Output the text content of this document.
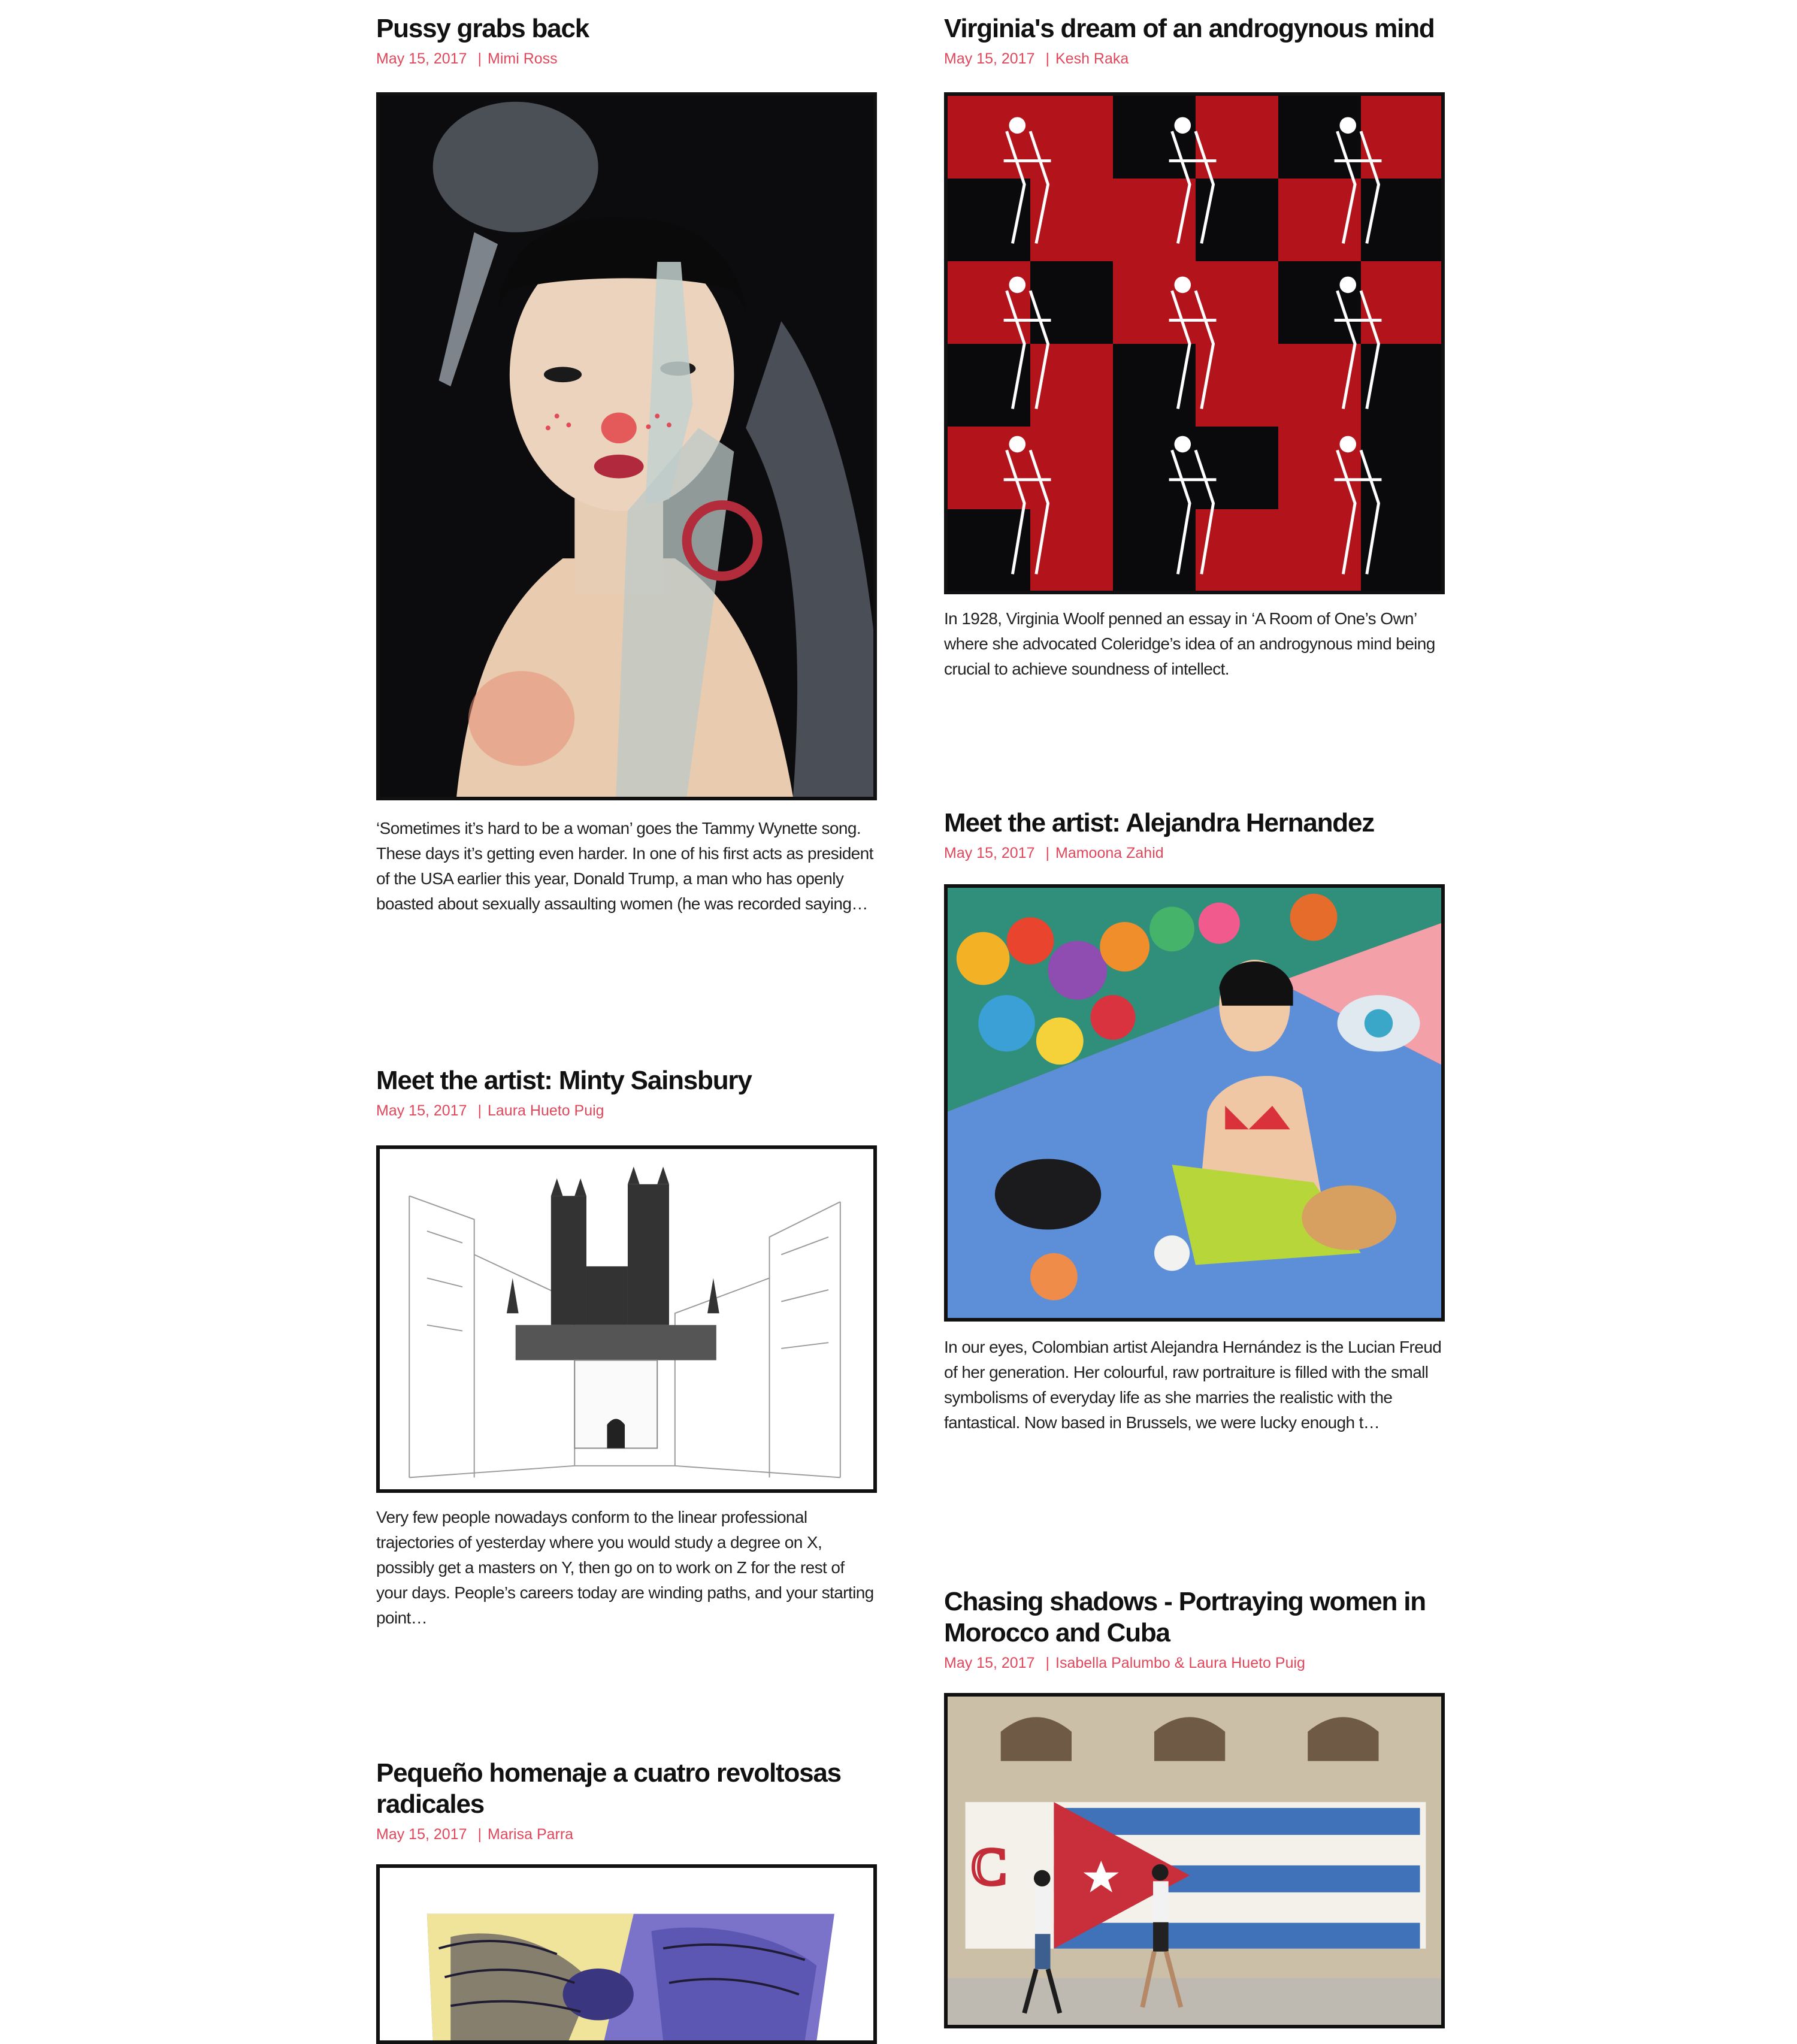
Pussy grabs back
May 15, 2017 | Mimi Ross

‘Sometimes it’s hard to be a woman’ goes the Tammy Wynette song. These days it’s getting even harder. In one of his first acts as president of the USA earlier this year, Donald Trump, a man who has openly boasted about sexually assaulting women (he was recorded saying…

Virginia's dream of an androgynous mind
May 15, 2017 | Kesh Raka

In 1928, Virginia Woolf penned an essay in ‘A Room of One’s Own’ where she advocated Coleridge’s idea of an androgynous mind being crucial to achieve soundness of intellect.

Meet the artist: Alejandra Hernandez
May 15, 2017 | Mamoona Zahid

In our eyes, Colombian artist Alejandra Hernández is the Lucian Freud of her generation. Her colourful, raw portraiture is filled with the small symbolisms of everyday life as she marries the realistic with the fantastical. Now based in Brussels, we were lucky enough t…

Meet the artist: Minty Sainsbury
May 15, 2017 | Laura Hueto Puig

Very few people nowadays conform to the linear professional trajectories of yesterday where you would study a degree on X, possibly get a masters on Y, then go on to work on Z for the rest of your days. People’s careers today are winding paths, and your starting point…

Chasing shadows - Portraying women in Morocco and Cuba
May 15, 2017 | Isabella Palumbo & Laura Hueto Puig
C
Pequeño homenaje a cuatro revoltosas radicales
May 15, 2017 | Marisa Parra
